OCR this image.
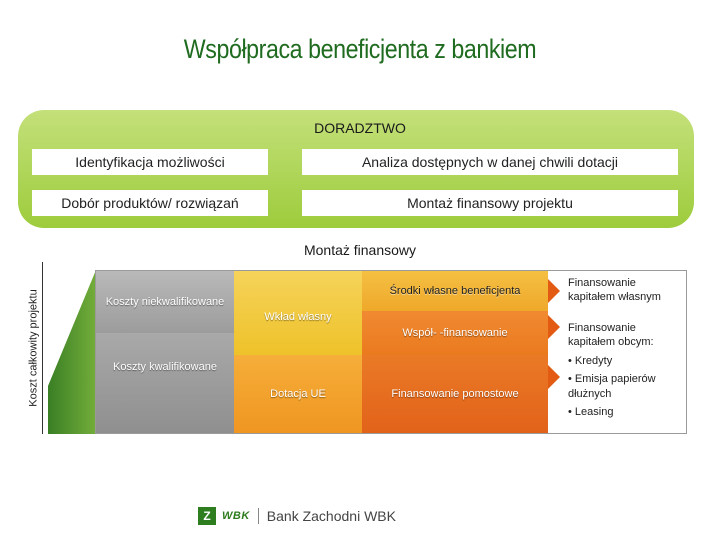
Współpraca beneficjenta z bankiem
DORADZTWO
Identyfikacja możliwości	Analiza dostępnych w danej chwili dotacji
Dobór produktów/ rozwiązań	Montaż finansowy projektu
Montaż finansowy
Koszt całkowity projektu	Koszty niekwalifikowane
Koszty kwalifikowane
Wkład własny
Dotacja UE
Środki własne beneficjenta
Współ- -finansowanie
Finansowanie pomostowe
Finansowanie kapitałem własnym
Finansowanie kapitałem obcym:
• Kredyty
• Emisja papierów dłużnych
• Leasing
Z	WBK Bank Zachodni WBK
